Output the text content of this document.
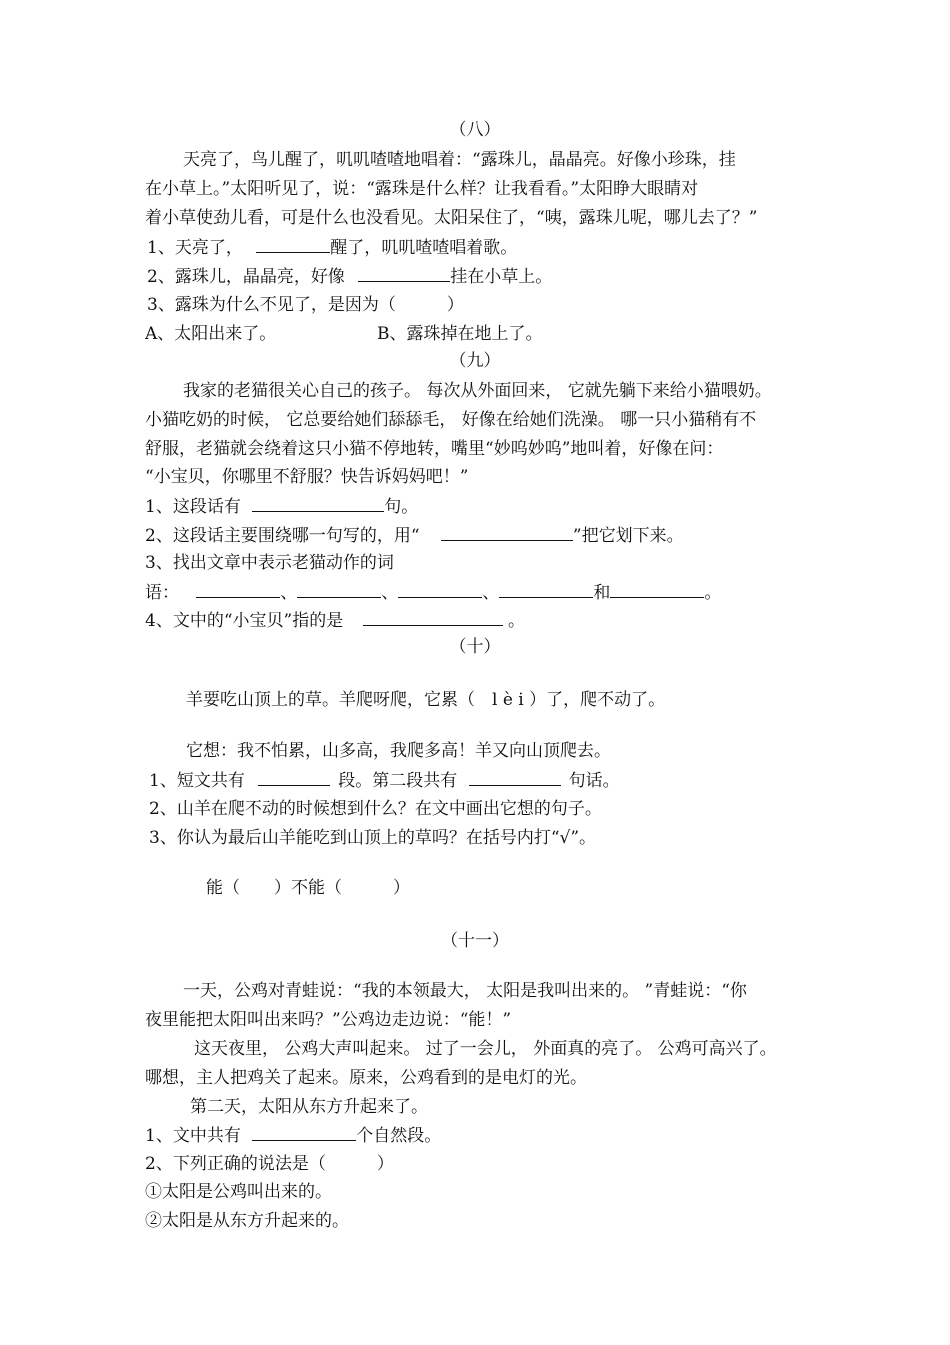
（八）
天亮了，鸟儿醒了，叽叽喳喳地唱着：“露珠儿，晶晶亮。好像小珍珠，挂
在小草上。”太阳听见了，说：“露珠是什么样？让我看看。”太阳睁大眼睛对
着小草使劲儿看，可是什么也没看见。太阳呆住了，“咦，露珠儿呢，哪儿去了？”
1、天亮了，	醒了，叽叽喳喳唱着歌。
2、露珠儿，晶晶亮，好像	挂在小草上。
3、露珠为什么不见了，是因为（　　　）
A、太阳出来了。	B、露珠掉在地上了。
（九）
我家的老猫很关心自己的孩子。 每次从外面回来， 它就先躺下来给小猫喂奶。
小猫吃奶的时候， 它总要给她们舔舔毛， 好像在给她们洗澡。 哪一只小猫稍有不
舒服，老猫就会绕着这只小猫不停地转，嘴里“妙呜妙呜”地叫着，好像在问：
“小宝贝，你哪里不舒服？快告诉妈妈吧！”
1、这段话有	句。
2、这段话主要围绕哪一句写的，用“	”把它划下来。
3、找出文章中表示老猫动作的词
语：	、	、	、	和	。
4、文中的“小宝贝”指的是	。
（十）
羊要吃山顶上的草。羊爬呀爬，它累（　l è i ）了，爬不动了。
它想：我不怕累，山多高，我爬多高！羊又向山顶爬去。
1、短文共有	段。第二段共有	句话。
2、山羊在爬不动的时候想到什么？在文中画出它想的句子。
3、你认为最后山羊能吃到山顶上的草吗？在括号内打“√”。
能（　　）不能（　　　）
（十一）
一天，公鸡对青蛙说：“我的本领最大， 太阳是我叫出来的。 ”青蛙说：“你
夜里能把太阳叫出来吗？”公鸡边走边说：“能！”
这天夜里， 公鸡大声叫起来。 过了一会儿， 外面真的亮了。 公鸡可高兴了。
哪想，主人把鸡关了起来。原来，公鸡看到的是电灯的光。
第二天，太阳从东方升起来了。
1、文中共有	个自然段。
2、下列正确的说法是（　　　）
①太阳是公鸡叫出来的。
②太阳是从东方升起来的。
